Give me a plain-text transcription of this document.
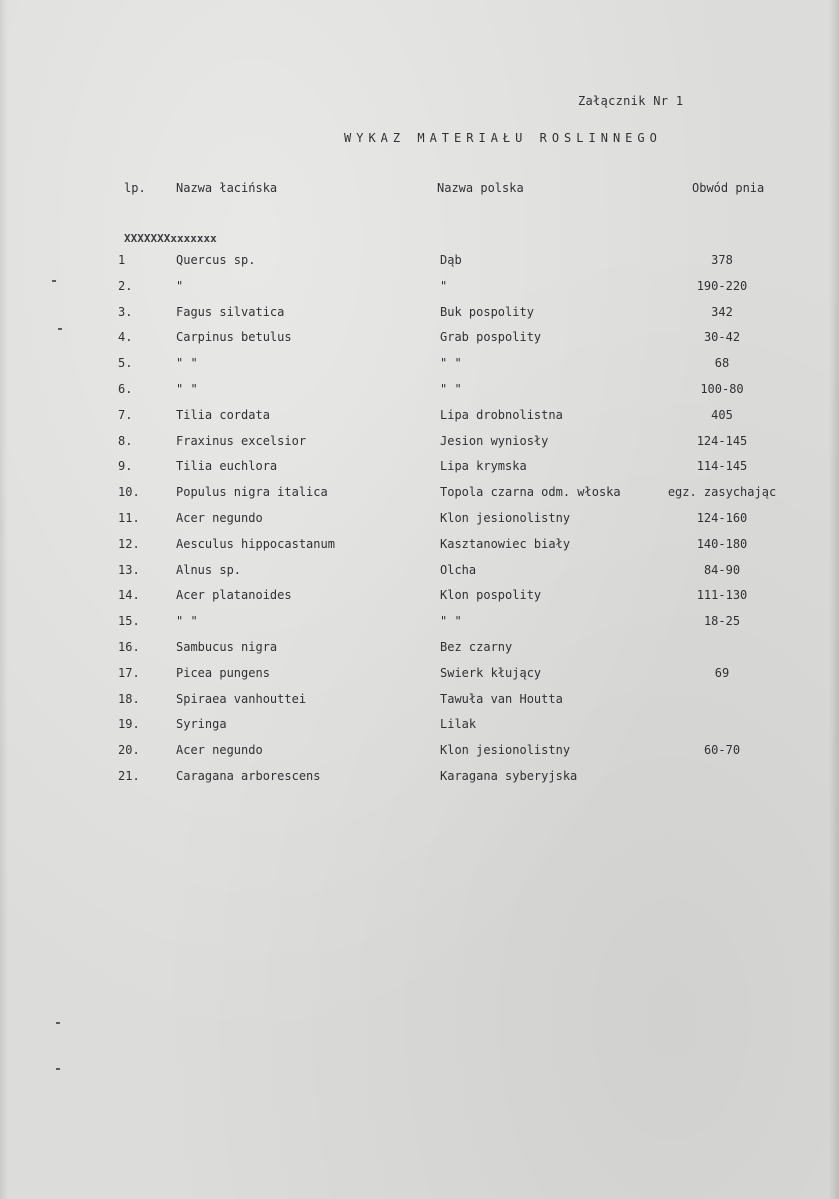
Załącznik Nr 1
WYKAZ MATERIAŁU ROSLINNEGO
lp.	Nazwa łacińska	Nazwa polska	Obwód pnia
XXXXXXXxxxxxxx
1	Quercus sp.	Dąb	378
2.	"	"	190-220
3.	Fagus silvatica	Buk pospolity	342
4.	Carpinus betulus	Grab pospolity	30-42
5.	" "	" "	68
6.	" "	" "	100-80
7.	Tilia cordata	Lipa drobnolistna	405
8.	Fraxinus excelsior	Jesion wyniosły	124-145
9.	Tilia euchlora	Lipa krymska	114-145
10.	Populus nigra italica	Topola czarna odm. włoska	egz. zasychając
11.	Acer negundo	Klon jesionolistny	124-160
12.	Aesculus hippocastanum	Kasztanowiec biały	140-180
13.	Alnus sp.	Olcha	84-90
14.	Acer platanoides	Klon pospolity	111-130
15.	" "	" "	18-25
16.	Sambucus nigra	Bez czarny
17.	Picea pungens	Swierk kłujący	69
18.	Spiraea vanhouttei	Tawuła van Houtta
19.	Syringa	Lilak
20.	Acer negundo	Klon jesionolistny	60-70
21.	Caragana arborescens	Karagana syberyjska
